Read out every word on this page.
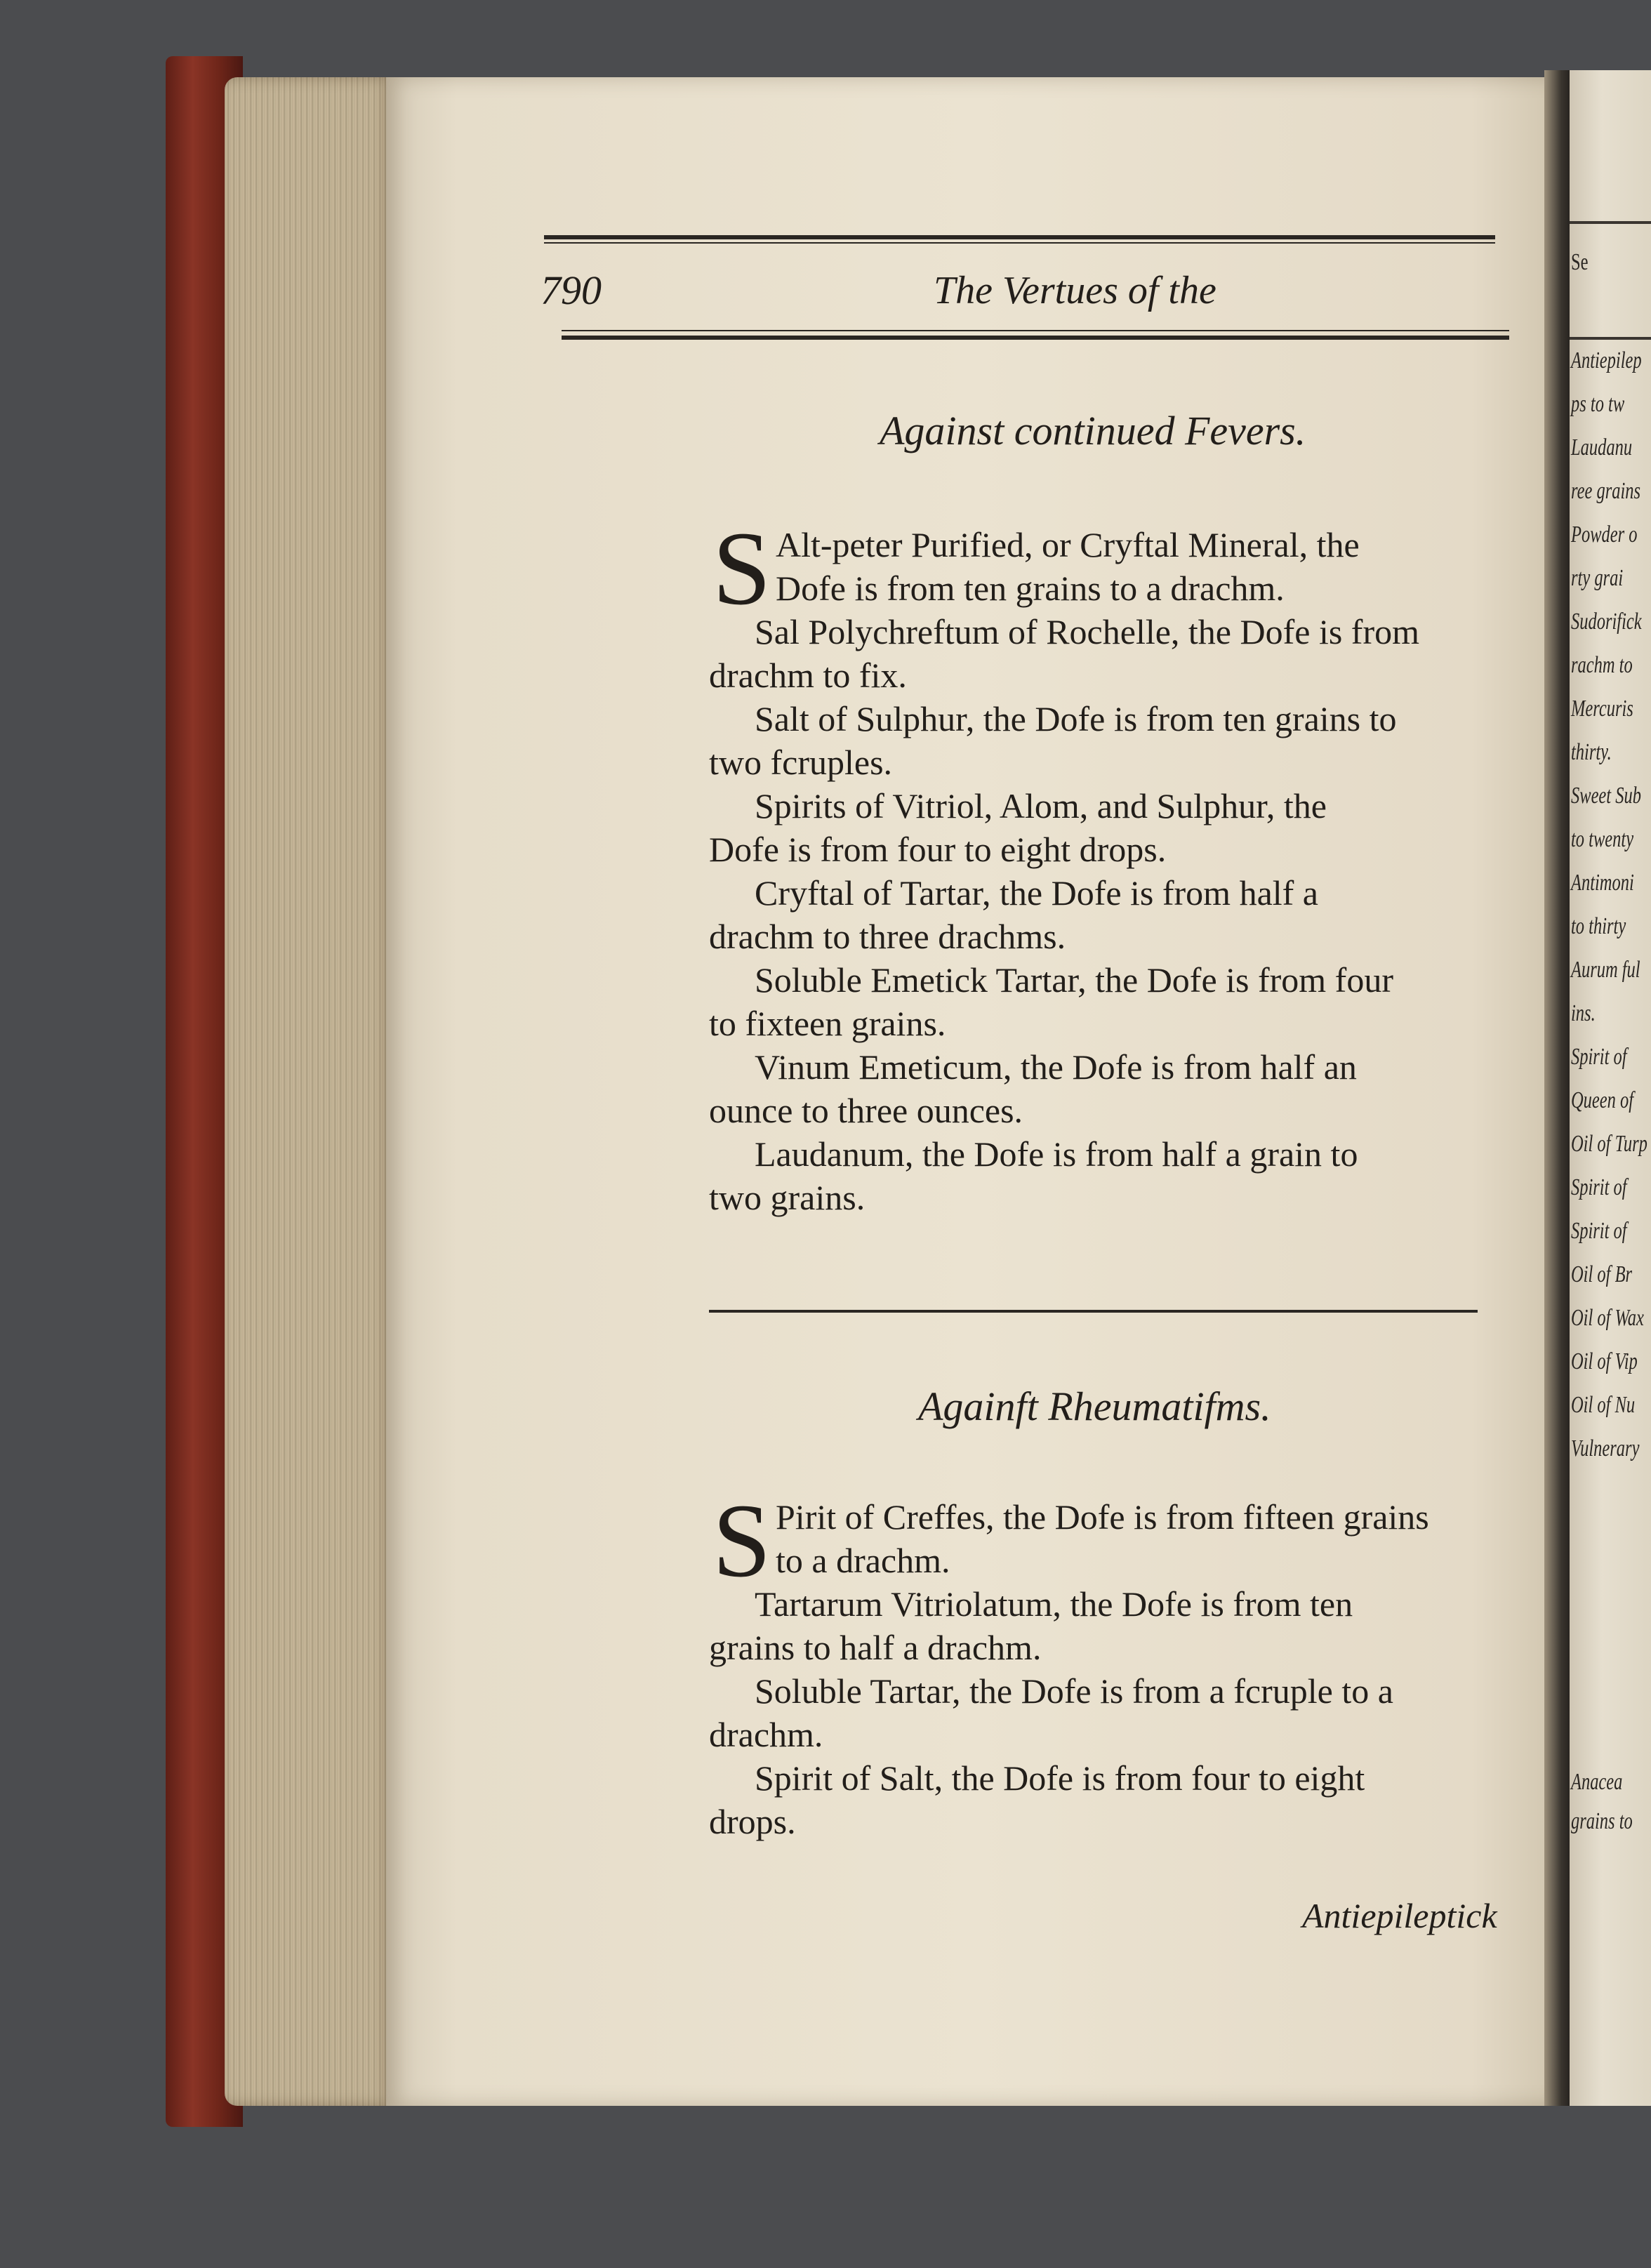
Se
Antiepilep
ps to tw
Laudanu
ree grains
Powder o
rty grai
Sudorifick
rachm to
Mercuris
thirty.
Sweet Sub
to twenty
Antimoni
to thirty
Aurum ful
ins.
Spirit of
Queen of
Oil of Turp
Spirit of
Spirit of
Oil of Br
Oil of Wax
Oil of Vip
Oil of Nu
Vulnerary
Anacea
grains to
790	The Vertues of the
Against continued Fevers.
S Alt-peter Purified, or Cryftal Mineral, the
Dofe is from ten grains to a drachm.
Sal Polychreftum of Rochelle, the Dofe is from
drachm to fix.
Salt of Sulphur, the Dofe is from ten grains to
two fcruples.
Spirits of Vitriol, Alom, and Sulphur, the
Dofe is from four to eight drops.
Cryftal of Tartar, the Dofe is from half a
drachm to three drachms.
Soluble Emetick Tartar, the Dofe is from four
to fixteen grains.
Vinum Emeticum, the Dofe is from half an
ounce to three ounces.
Laudanum, the Dofe is from half a grain to
two grains.
Againft Rheumatifms.
S Pirit of Creffes, the Dofe is from fifteen grains
to a drachm.
Tartarum Vitriolatum, the Dofe is from ten
grains to half a drachm.
Soluble Tartar, the Dofe is from a fcruple to a
drachm.
Spirit of Salt, the Dofe is from four to eight
drops.
Antiepileptick
